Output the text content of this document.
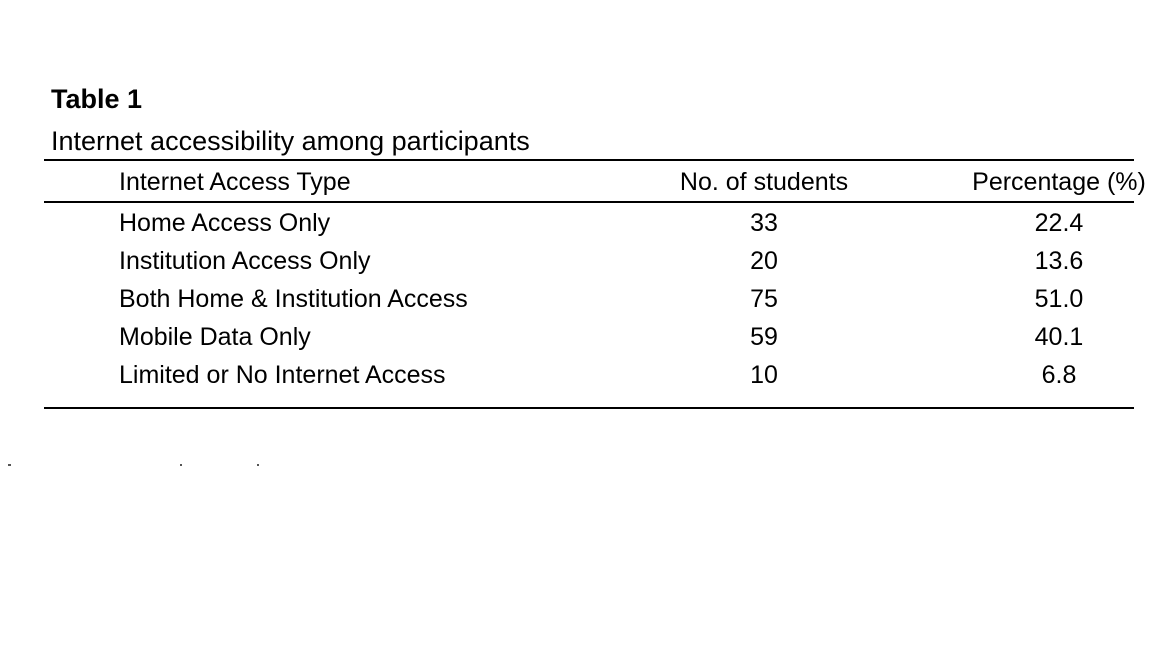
Table 1
Internet accessibility among participants
Internet Access Type	No. of students	Percentage (%)
Home Access Only	33	22.4
Institution Access Only	20	13.6
Both Home & Institution Access	75	51.0
Mobile Data Only	59	40.1
Limited or No Internet Access	10	6.8
